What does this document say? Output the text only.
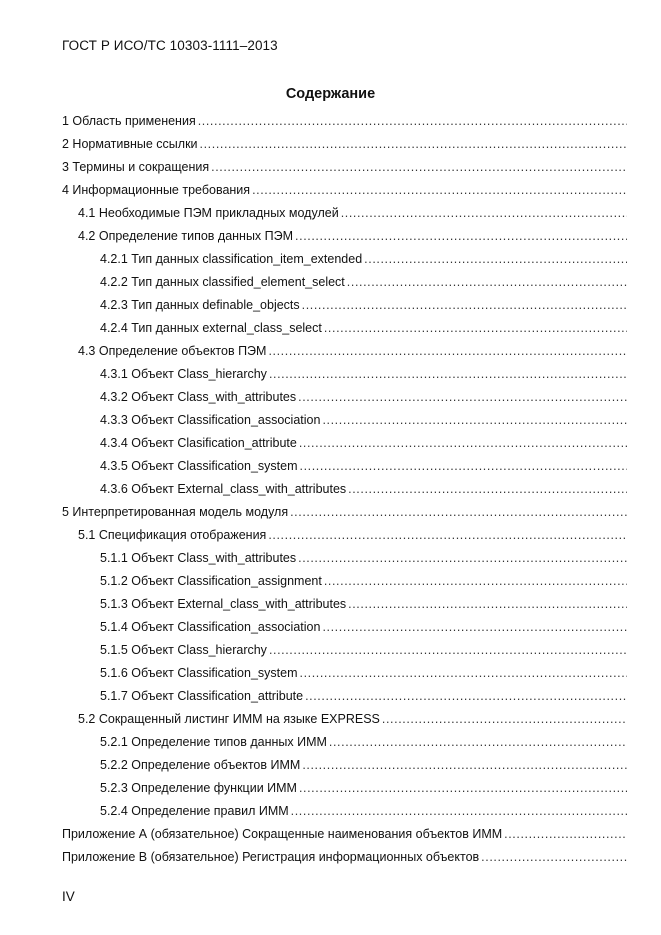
ГОСТ Р ИСО/ТС 10303-1111–2013
Содержание
1 Область применения
.....
2 Нормативные ссылки
.....
3 Термины и сокращения
.....
4 Информационные требования
.....
4.1 Необходимые ПЭМ прикладных модулей
.....
4.2 Определение типов данных ПЭМ
.....
4.2.1 Тип данных classification_item_extended
.....
4.2.2 Тип данных classified_element_select
.....
4.2.3 Тип данных definable_objects
.....
4.2.4 Тип данных external_class_select
.....
4.3 Определение объектов ПЭМ
.....
4.3.1 Объект Class_hierarchy
.....
4.3.2 Объект Class_with_attributes
.....
4.3.3 Объект Classification_association
.....
4.3.4 Объект Clasification_attribute
.....
4.3.5 Объект Classification_system
.....
4.3.6 Объект External_class_with_attributes
.....
5 Интерпретированная модель модуля
.....
5.1 Спецификация отображения
.....
5.1.1 Объект Class_with_attributes
.....
5.1.2 Объект Classification_assignment
.....
5.1.3 Объект External_class_with_attributes
.....
5.1.4 Объект Classification_association
.....
5.1.5 Объект Class_hierarchy
.....
5.1.6 Объект Classification_system
.....
5.1.7 Объект Classification_attribute
.....
5.2 Сокращенный листинг ИММ на языке EXPRESS
.....
5.2.1 Определение типов данных ИММ
.....
5.2.2 Определение объектов ИММ
.....
5.2.3 Определение функции ИММ
.....
5.2.4 Определение правил ИММ
.....
Приложение А (обязательное) Сокращенные наименования объектов ИММ
.....
Приложение В (обязательное) Регистрация информационных объектов
.....
IV
